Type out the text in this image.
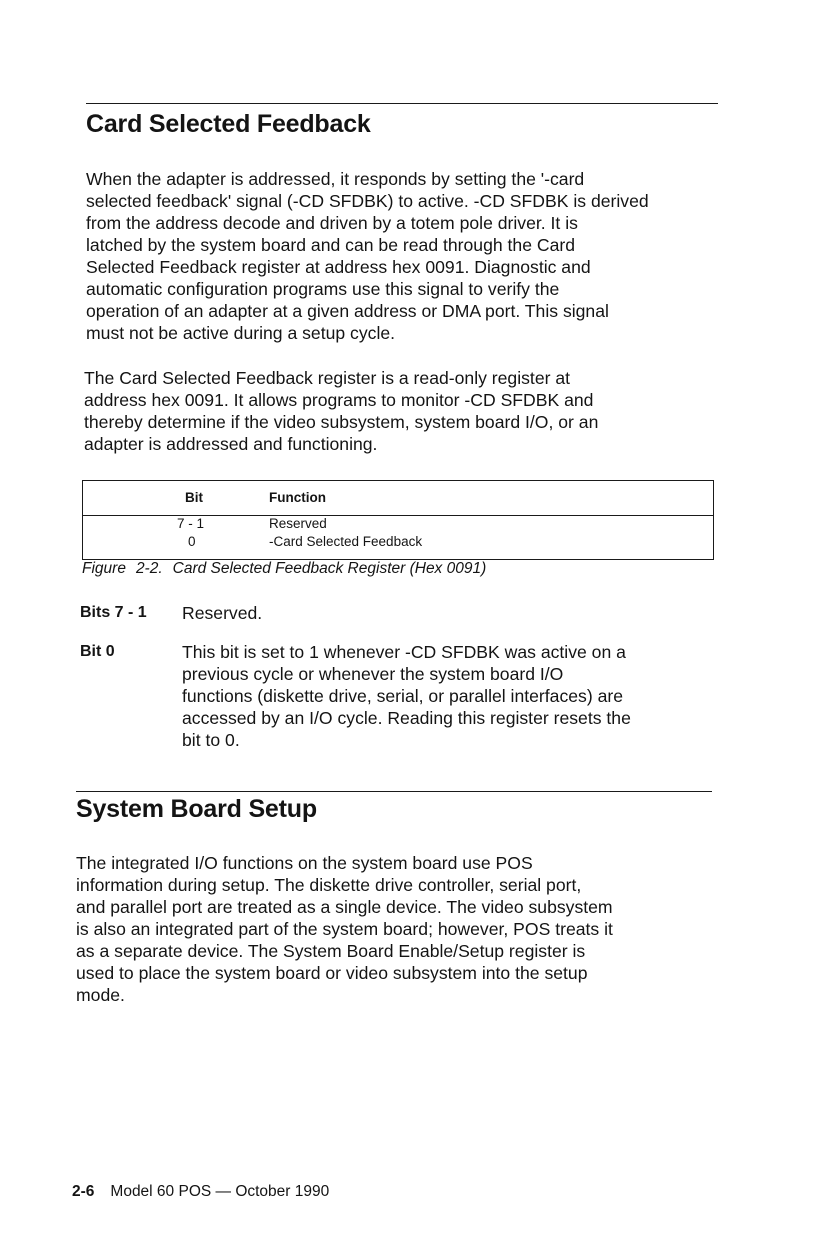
Card Selected Feedback
When the adapter is addressed, it responds by setting the '-card
selected feedback' signal (-CD SFDBK) to active. -CD SFDBK is derived
from the address decode and driven by a totem pole driver. It is
latched by the system board and can be read through the Card
Selected Feedback register at address hex 0091. Diagnostic and
automatic configuration programs use this signal to verify the
operation of an adapter at a given address or DMA port. This signal
must not be active during a setup cycle.
The Card Selected Feedback register is a read-only register at
address hex 0091. It allows programs to monitor -CD SFDBK and
thereby determine if the video subsystem, system board I/O, or an
adapter is addressed and functioning.
Bit	Function
7 - 1	Reserved
0	-Card Selected Feedback
Figure 2-2. Card Selected Feedback Register (Hex 0091)
Bits 7 - 1 Reserved.
Bit 0	This bit is set to 1 whenever -CD SFDBK was active on a
previous cycle or whenever the system board I/O
functions (diskette drive, serial, or parallel interfaces) are
accessed by an I/O cycle. Reading this register resets the
bit to 0.
System Board Setup
The integrated I/O functions on the system board use POS
information during setup. The diskette drive controller, serial port,
and parallel port are treated as a single device. The video subsystem
is also an integrated part of the system board; however, POS treats it
as a separate device. The System Board Enable/Setup register is
used to place the system board or video subsystem into the setup
mode.
2-6 Model 60 POS — October 1990
